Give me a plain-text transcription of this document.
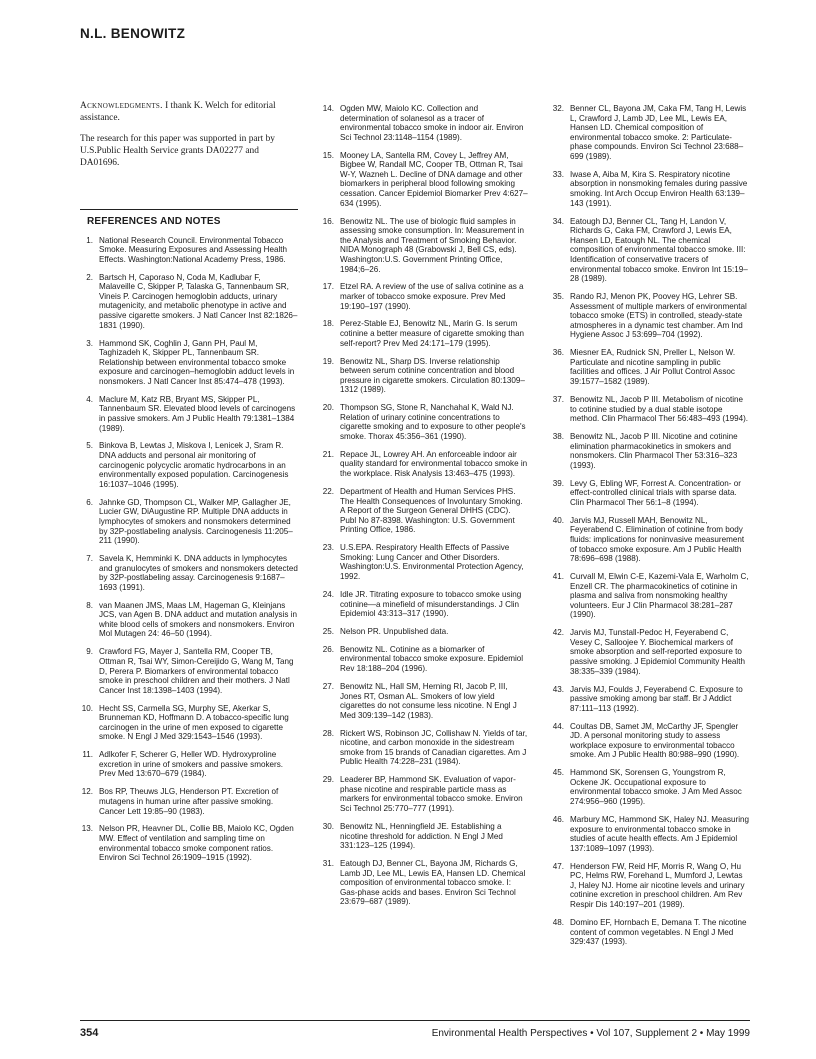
N.L. BENOWITZ

Acknowledgments. I thank K. Welch for editorial assistance.

The research for this paper was supported in part by U.S.Public Health Service grants DA02277 and DA01696.

REFERENCES AND NOTES
1. National Research Council. Environmental Tobacco Smoke. Measuring Exposures and Assessing Health Effects. Washington:National Academy Press, 1986.
2. Bartsch H, Caporaso N, Coda M, Kadlubar F, Malaveille C, Skipper P, Talaska G, Tannenbaum SR, Vineis P. Carcinogen hemoglobin adducts, urinary mutagenicity, and metabolic phenotype in active and passive cigarette smokers. J Natl Cancer Inst 82:1826–1831 (1990).
3. Hammond SK, Coghlin J, Gann PH, Paul M, Taghizadeh K, Skipper PL, Tannenbaum SR. Relationship between environmental tobacco smoke exposure and carcinogen–hemoglobin adduct levels in nonsmokers. J Natl Cancer Inst 85:474–478 (1993).
4. Maclure M, Katz RB, Bryant MS, Skipper PL, Tannenbaum SR. Elevated blood levels of carcinogens in passive smokers. Am J Public Health 79:1381–1384 (1989).
5. Binkova B, Lewtas J, Miskova I, Lenicek J, Sram R. DNA adducts and personal air monitoring of carcinogenic polycyclic aromatic hydrocarbons in an environmentally exposed population. Carcinogenesis 16:1037–1046 (1995).
6. Jahnke GD, Thompson CL, Walker MP, Gallagher JE, Lucier GW, DiAugustine RP. Multiple DNA adducts in lymphocytes of smokers and nonsmokers determined by 32P-postlabeling analysis. Carcinogenesis 11:205–211 (1990).
7. Savela K, Hemminki K. DNA adducts in lymphocytes and granulocytes of smokers and nonsmokers detected by 32P-postlabeling assay. Carcinogenesis 9:1687–1693 (1991).
8. van Maanen JMS, Maas LM, Hageman G, Kleinjans JCS, van Agen B. DNA adduct and mutation analysis in white blood cells of smokers and nonsmokers. Environ Mol Mutagen 24: 46–50 (1994).
9. Crawford FG, Mayer J, Santella RM, Cooper TB, Ottman R, Tsai WY, Simon-Cereijido G, Wang M, Tang D, Perera P. Biomarkers of environmental tobacco smoke in preschool children and their mothers. J Natl Cancer Inst 18:1398–1403 (1994).
10. Hecht SS, Carmella SG, Murphy SE, Akerkar S, Brunneman KD, Hoffmann D. A tobacco-specific lung carcinogen in the urine of men exposed to cigarette smoke. N Engl J Med 329:1543–1546 (1993).
11. Adlkofer F, Scherer G, Heller WD. Hydroxyproline excretion in urine of smokers and passive smokers. Prev Med 13:670–679 (1984).
12. Bos RP, Theuws JLG, Henderson PT. Excretion of mutagens in human urine after passive smoking. Cancer Lett 19:85–90 (1983).
13. Nelson PR, Heavner DL, Collie BB, Maiolo KC, Ogden MW. Effect of ventilation and sampling time on environmental tobacco smoke component ratios. Environ Sci Technol 26:1909–1915 (1992).
14. Ogden MW, Maiolo KC. Collection and determination of solanesol as a tracer of environmental tobacco smoke in indoor air. Environ Sci Technol 23:1148–1154 (1989).
15. Mooney LA, Santella RM, Covey L, Jeffrey AM, Bigbee W, Randall MC, Cooper TB, Ottman R, Tsai W-Y, Wazneh L. Decline of DNA damage and other biomarkers in peripheral blood following smoking cessation. Cancer Epidemiol Biomarker Prev 4:627–634 (1995).
16. Benowitz NL. The use of biologic fluid samples in assessing smoke consumption. In: Measurement in the Analysis and Treatment of Smoking Behavior. NIDA Monograph 48 (Grabowski J, Bell CS, eds). Washington:U.S. Government Printing Office, 1984;6–26.
17. Etzel RA. A review of the use of saliva cotinine as a marker of tobacco smoke exposure. Prev Med 19:190–197 (1990).
18. Perez-Stable EJ, Benowitz NL, Marin G. Is serum cotinine a better measure of cigarette smoking than self-report? Prev Med 24:171–179 (1995).
19. Benowitz NL, Sharp DS. Inverse relationship between serum cotinine concentration and blood pressure in cigarette smokers. Circulation 80:1309–1312 (1989).
20. Thompson SG, Stone R, Nanchahal K, Wald NJ. Relation of urinary cotinine concentrations to cigarette smoking and to exposure to other people's smoke. Thorax 45:356–361 (1990).
21. Repace JL, Lowrey AH. An enforceable indoor air quality standard for environmental tobacco smoke in the workplace. Risk Analysis 13:463–475 (1993).
22. Department of Health and Human Services PHS. The Health Consequences of Involuntary Smoking. A Report of the Surgeon General DHHS (CDC). Publ No 87-8398. Washington: U.S. Government Printing Office, 1986.
23. U.S.EPA. Respiratory Health Effects of Passive Smoking: Lung Cancer and Other Disorders. Washington:U.S. Environmental Protection Agency, 1992.
24. Idle JR. Titrating exposure to tobacco smoke using cotinine—a minefield of misunderstandings. J Clin Epidemiol 43:313–317 (1990).
25. Nelson PR. Unpublished data.
26. Benowitz NL. Cotinine as a biomarker of environmental tobacco smoke exposure. Epidemiol Rev 18:188–204 (1996).
27. Benowitz NL, Hall SM, Herning RI, Jacob P, III, Jones RT, Osman AL. Smokers of low yield cigarettes do not consume less nicotine. N Engl J Med 309:139–142 (1983).
28. Rickert WS, Robinson JC, Collishaw N. Yields of tar, nicotine, and carbon monoxide in the sidestream smoke from 15 brands of Canadian cigarettes. Am J Public Health 74:228–231 (1984).
29. Leaderer BP, Hammond SK. Evaluation of vapor-phase nicotine and respirable particle mass as markers for environmental tobacco smoke. Environ Sci Technol 25:770–777 (1991).
30. Benowitz NL, Henningfield JE. Establishing a nicotine threshold for addiction. N Engl J Med 331:123–125 (1994).
31. Eatough DJ, Benner CL, Bayona JM, Richards G, Lamb JD, Lee ML, Lewis EA, Hansen LD. Chemical composition of environmental tobacco smoke. I: Gas-phase acids and bases. Environ Sci Technol 23:679–687 (1989).
32. Benner CL, Bayona JM, Caka FM, Tang H, Lewis L, Crawford J, Lamb JD, Lee ML, Lewis EA, Hansen LD. Chemical composition of environmental tobacco smoke. 2: Particulate-phase compounds. Environ Sci Technol 23:688–699 (1989).
33. Iwase A, Aiba M, Kira S. Respiratory nicotine absorption in nonsmoking females during passive smoking. Int Arch Occup Environ Health 63:139–143 (1991).
34. Eatough DJ, Benner CL, Tang H, Landon V, Richards G, Caka FM, Crawford J, Lewis EA, Hansen LD, Eatough NL. The chemical composition of environmental tobacco smoke. III: Identification of conservative tracers of environmental tobacco smoke. Environ Int 15:19–28 (1989).
35. Rando RJ, Menon PK, Poovey HG, Lehrer SB. Assessment of multiple markers of environmental tobacco smoke (ETS) in controlled, steady-state atmospheres in a dynamic test chamber. Am Ind Hygiene Assoc J 53:699–704 (1992).
36. Miesner EA, Rudnick SN, Preller L, Nelson W. Particulate and nicotine sampling in public facilities and offices. J Air Pollut Control Assoc 39:1577–1582 (1989).
37. Benowitz NL, Jacob P III. Metabolism of nicotine to cotinine studied by a dual stable isotope method. Clin Pharmacol Ther 56:483–493 (1994).
38. Benowitz NL, Jacob P III. Nicotine and cotinine elimination pharmacokinetics in smokers and nonsmokers. Clin Pharmacol Ther 53:316–323 (1993).
39. Levy G, Ebling WF, Forrest A. Concentration- or effect-controlled clinical trials with sparse data. Clin Pharmacol Ther 56:1–8 (1994).
40. Jarvis MJ, Russell MAH, Benowitz NL, Feyerabend C. Elimination of cotinine from body fluids: implications for noninvasive measurement of tobacco smoke exposure. Am J Public Health 78:696–698 (1988).
41. Curvall M, Elwin C-E, Kazemi-Vala E, Warholm C, Enzell CR. The pharmacokinetics of cotinine in plasma and saliva from nonsmoking healthy volunteers. Eur J Clin Pharmacol 38:281–287 (1990).
42. Jarvis MJ, Tunstall-Pedoc H, Feyerabend C, Vesey C, Salloojee Y. Biochemical markers of smoke absorption and self-reported exposure to passive smoking. J Epidemiol Community Health 38:335–339 (1984).
43. Jarvis MJ, Foulds J, Feyerabend C. Exposure to passive smoking among bar staff. Br J Addict 87:111–113 (1992).
44. Coultas DB, Samet JM, McCarthy JF, Spengler JD. A personal monitoring study to assess workplace exposure to environmental tobacco smoke. Am J Public Health 80:988–990 (1990).
45. Hammond SK, Sorensen G, Youngstrom R, Ockene JK. Occupational exposure to environmental tobacco smoke. J Am Med Assoc 274:956–960 (1995).
46. Marbury MC, Hammond SK, Haley NJ. Measuring exposure to environmental tobacco smoke in studies of acute health effects. Am J Epidemiol 137:1089–1097 (1993).
47. Henderson FW, Reid HF, Morris R, Wang O, Hu PC, Helms RW, Forehand L, Mumford J, Lewtas J, Haley NJ. Home air nicotine levels and urinary cotinine excretion in preschool children. Am Rev Respir Dis 140:197–201 (1989).
48. Domino EF, Hornbach E, Demana T. The nicotine content of common vegetables. N Engl J Med 329:437 (1993).
354	Environmental Health Perspectives • Vol 107, Supplement 2 • May 1999
